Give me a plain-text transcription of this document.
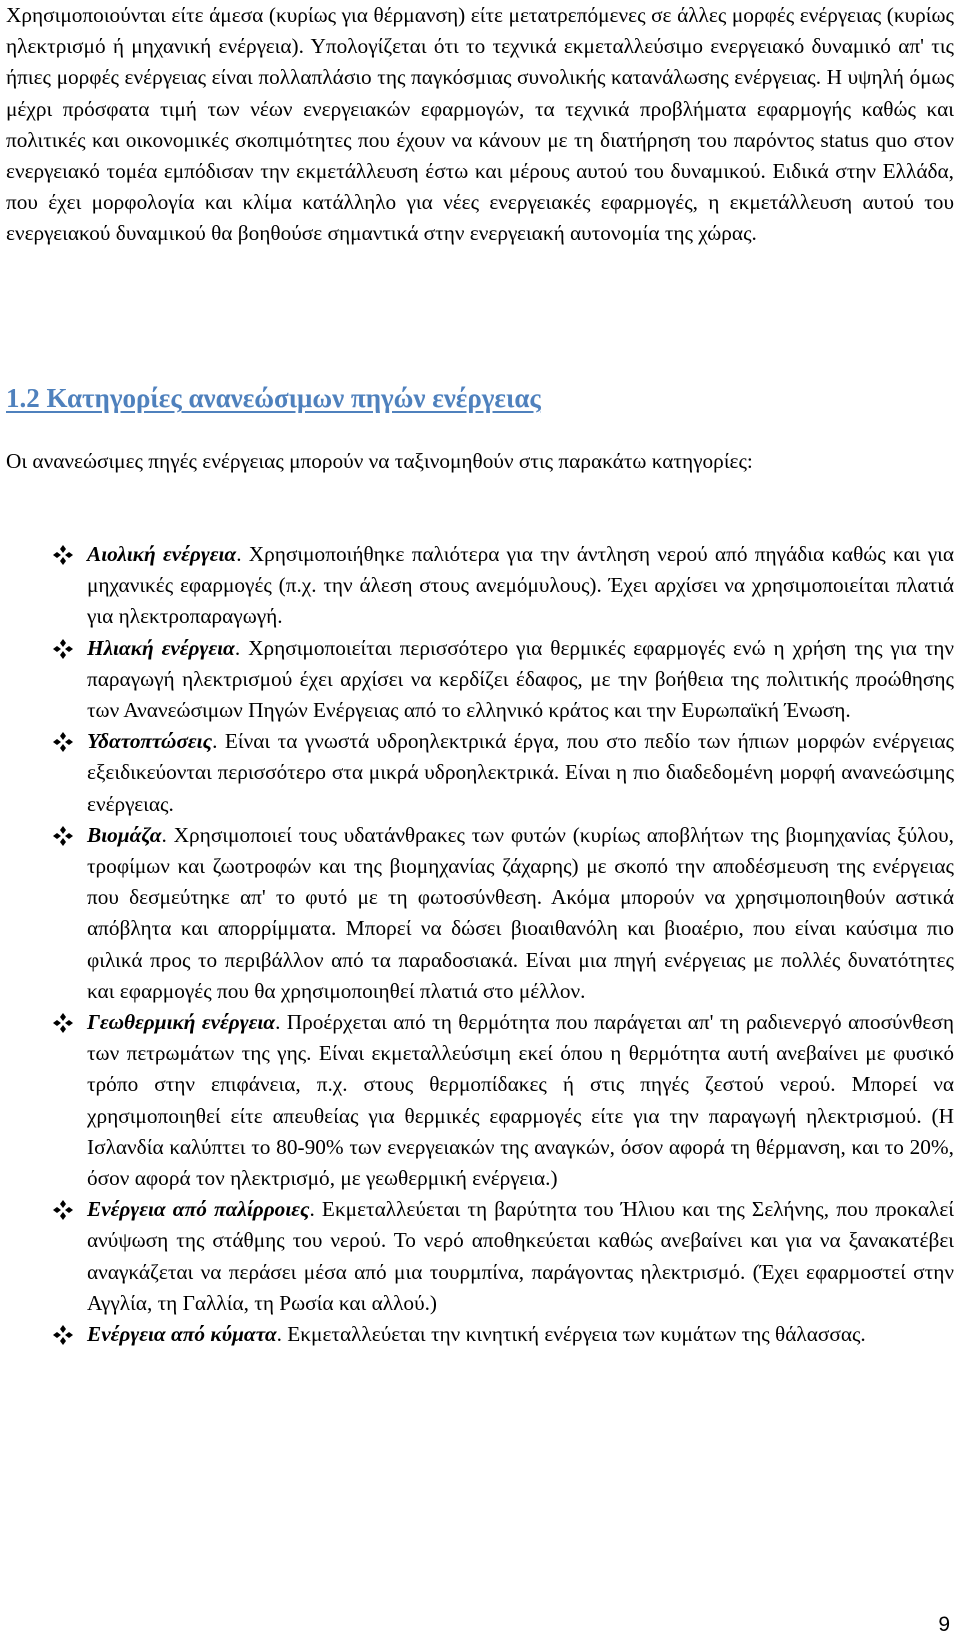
Χρησιμοποιούνται είτε άμεσα (κυρίως για θέρμανση) είτε μετατρεπόμενες σε άλλες μορφές ενέργειας (κυρίως ηλεκτρισμό ή μηχανική ενέργεια). Υπολογίζεται ότι το τεχνικά εκμεταλλεύσιμο ενεργειακό δυναμικό απ' τις ήπιες μορφές ενέργειας είναι πολλαπλάσιο της παγκόσμιας συνολικής κατανάλωσης ενέργειας. Η υψηλή όμως μέχρι πρόσφατα τιμή των νέων ενεργειακών εφαρμογών, τα τεχνικά προβλήματα εφαρμογής καθώς και πολιτικές και οικονομικές σκοπιμότητες που έχουν να κάνουν με τη διατήρηση του παρόντος status quo στον ενεργειακό τομέα εμπόδισαν την εκμετάλλευση έστω και μέρους αυτού του δυναμικού. Ειδικά στην Ελλάδα, που έχει μορφολογία και κλίμα κατάλληλο για νέες ενεργειακές εφαρμογές, η εκμετάλλευση αυτού του ενεργειακού δυναμικού θα βοηθούσε σημαντικά στην ενεργειακή αυτονομία της χώρας.

1.2 Κατηγορίες ανανεώσιμων πηγών ενέργειας

Οι ανανεώσιμες πηγές ενέργειας μπορούν να ταξινομηθούν στις παρακάτω κατηγορίες:

Αιολική ενέργεια. Χρησιμοποιήθηκε παλιότερα για την άντληση νερού από πηγάδια καθώς και για μηχανικές εφαρμογές (π.χ. την άλεση στους ανεμόμυλους). Έχει αρχίσει να χρησιμοποιείται πλατιά για ηλεκτροπαραγωγή.

Ηλιακή ενέργεια. Χρησιμοποιείται περισσότερο για θερμικές εφαρμογές ενώ η χρήση της για την παραγωγή ηλεκτρισμού έχει αρχίσει να κερδίζει έδαφος, με την βοήθεια της πολιτικής προώθησης των Ανανεώσιμων Πηγών Ενέργειας από το ελληνικό κράτος και την Ευρωπαϊκή Ένωση.

Υδατοπτώσεις. Είναι τα γνωστά υδροηλεκτρικά έργα, που στο πεδίο των ήπιων μορφών ενέργειας εξειδικεύονται περισσότερο στα μικρά υδροηλεκτρικά. Είναι η πιο διαδεδομένη μορφή ανανεώσιμης ενέργειας.

Βιομάζα. Χρησιμοποιεί τους υδατάνθρακες των φυτών (κυρίως αποβλήτων της βιομηχανίας ξύλου, τροφίμων και ζωοτροφών και της βιομηχανίας ζάχαρης) με σκοπό την αποδέσμευση της ενέργειας που δεσμεύτηκε απ' το φυτό με τη φωτοσύνθεση. Ακόμα μπορούν να χρησιμοποιηθούν αστικά απόβλητα και απορρίμματα. Μπορεί να δώσει βιοαιθανόλη και βιοαέριο, που είναι καύσιμα πιο φιλικά προς το περιβάλλον από τα παραδοσιακά. Είναι μια πηγή ενέργειας με πολλές δυνατότητες και εφαρμογές που θα χρησιμοποιηθεί πλατιά στο μέλλον.

Γεωθερμική ενέργεια. Προέρχεται από τη θερμότητα που παράγεται απ' τη ραδιενεργό αποσύνθεση των πετρωμάτων της γης. Είναι εκμεταλλεύσιμη εκεί όπου η θερμότητα αυτή ανεβαίνει με φυσικό τρόπο στην επιφάνεια, π.χ. στους θερμοπίδακες ή στις πηγές ζεστού νερού. Μπορεί να χρησιμοποιηθεί είτε απευθείας για θερμικές εφαρμογές είτε για την παραγωγή ηλεκτρισμού. (Η Ισλανδία καλύπτει το 80-90% των ενεργειακών της αναγκών, όσον αφορά τη θέρμανση, και το 20%, όσον αφορά τον ηλεκτρισμό, με γεωθερμική ενέργεια.)

Ενέργεια από παλίρροιες. Εκμεταλλεύεται τη βαρύτητα του Ήλιου και της Σελήνης, που προκαλεί ανύψωση της στάθμης του νερού. Το νερό αποθηκεύεται καθώς ανεβαίνει και για να ξανακατέβει αναγκάζεται να περάσει μέσα από μια τουρμπίνα, παράγοντας ηλεκτρισμό. (Έχει εφαρμοστεί στην Αγγλία, τη Γαλλία, τη Ρωσία και αλλού.)

Ενέργεια από κύματα. Εκμεταλλεύεται την κινητική ενέργεια των κυμάτων της θάλασσας.

9
